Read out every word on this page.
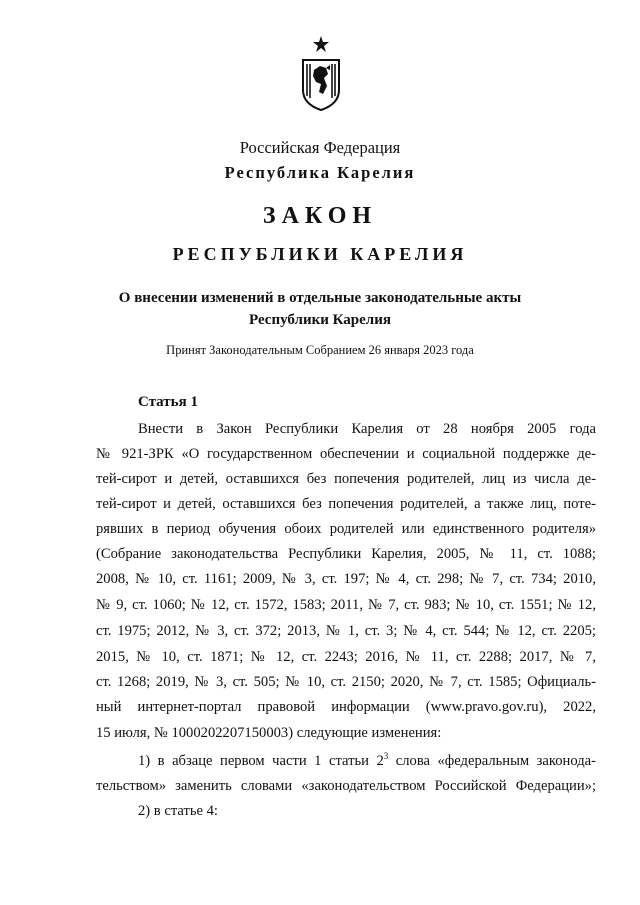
Российская Федерация
Республика Карелия
ЗАКОН
РЕСПУБЛИКИ КАРЕЛИЯ
О внесении изменений в отдельные законодательные акты
Республики Карелия
Принят Законодательным Собранием 26 января 2023 года
Статья 1
Внести в Закон Республики Карелия от 28 ноября 2005 года
№ 921-ЗРК «О государственном обеспечении и социальной поддержке де-
тей-сирот и детей, оставшихся без попечения родителей, лиц из числа де-
тей-сирот и детей, оставшихся без попечения родителей, а также лиц, поте-
рявших в период обучения обоих родителей или единственного родителя»
(Собрание законодательства Республики Карелия, 2005, № 11, ст. 1088;
2008, № 10, ст. 1161; 2009, № 3, ст. 197; № 4, ст. 298; № 7, ст. 734; 2010,
№ 9, ст. 1060; № 12, ст. 1572, 1583; 2011, № 7, ст. 983; № 10, ст. 1551; № 12,
ст. 1975; 2012, № 3, ст. 372; 2013, № 1, ст. 3; № 4, ст. 544; № 12, ст. 2205;
2015, № 10, ст. 1871; № 12, ст. 2243; 2016, № 11, ст. 2288; 2017, № 7,
ст. 1268; 2019, № 3, ст. 505; № 10, ст. 2150; 2020, № 7, ст. 1585; Официаль-
ный интернет-портал правовой информации (www.pravo.gov.ru), 2022,
15 июля, № 1000202207150003) следующие изменения:
1) в абзаце первом части 1 статьи $2^3$ слова «федеральным законода-
тельством» заменить словами «законодательством Российской Федерации»;
2) в статье 4:
